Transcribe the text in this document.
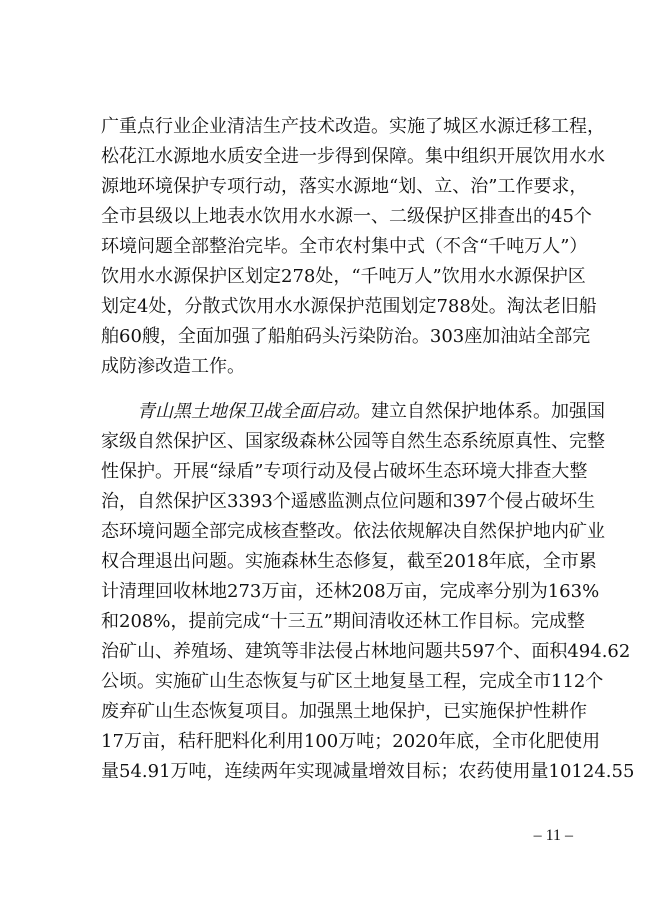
广重点行业企业清洁生产技术改造。实施了城区水源迁移工程，
松花江水源地水质安全进一步得到保障。集中组织开展饮用水水
源地环境保护专项行动，落实水源地“划、立、治”工作要求，
全市县级以上地表水饮用水水源一、二级保护区排查出的45个
环境问题全部整治完毕。全市农村集中式（不含“千吨万人”）
饮用水水源保护区划定278处，“千吨万人”饮用水水源保护区
划定4处，分散式饮用水水源保护范围划定788处。淘汰老旧船
舶60艘，全面加强了船舶码头污染防治。303座加油站全部完
成防渗改造工作。
青山黑土地保卫战全面启动。建立自然保护地体系。加强国
家级自然保护区、国家级森林公园等自然生态系统原真性、完整
性保护。开展“绿盾”专项行动及侵占破坏生态环境大排查大整
治，自然保护区3393个遥感监测点位问题和397个侵占破坏生
态环境问题全部完成核查整改。依法依规解决自然保护地内矿业
权合理退出问题。实施森林生态修复，截至2018年底，全市累
计清理回收林地273万亩，还林208万亩，完成率分别为163%
和208%，提前完成“十三五”期间清收还林工作目标。完成整
治矿山、养殖场、建筑等非法侵占林地问题共597个、面积494.62
公顷。实施矿山生态恢复与矿区土地复垦工程，完成全市112个
废弃矿山生态恢复项目。加强黑土地保护，已实施保护性耕作
17万亩，秸秆肥料化利用100万吨；2020年底，全市化肥使用
量54.91万吨，连续两年实现减量增效目标；农药使用量10124.55
– 11 –
